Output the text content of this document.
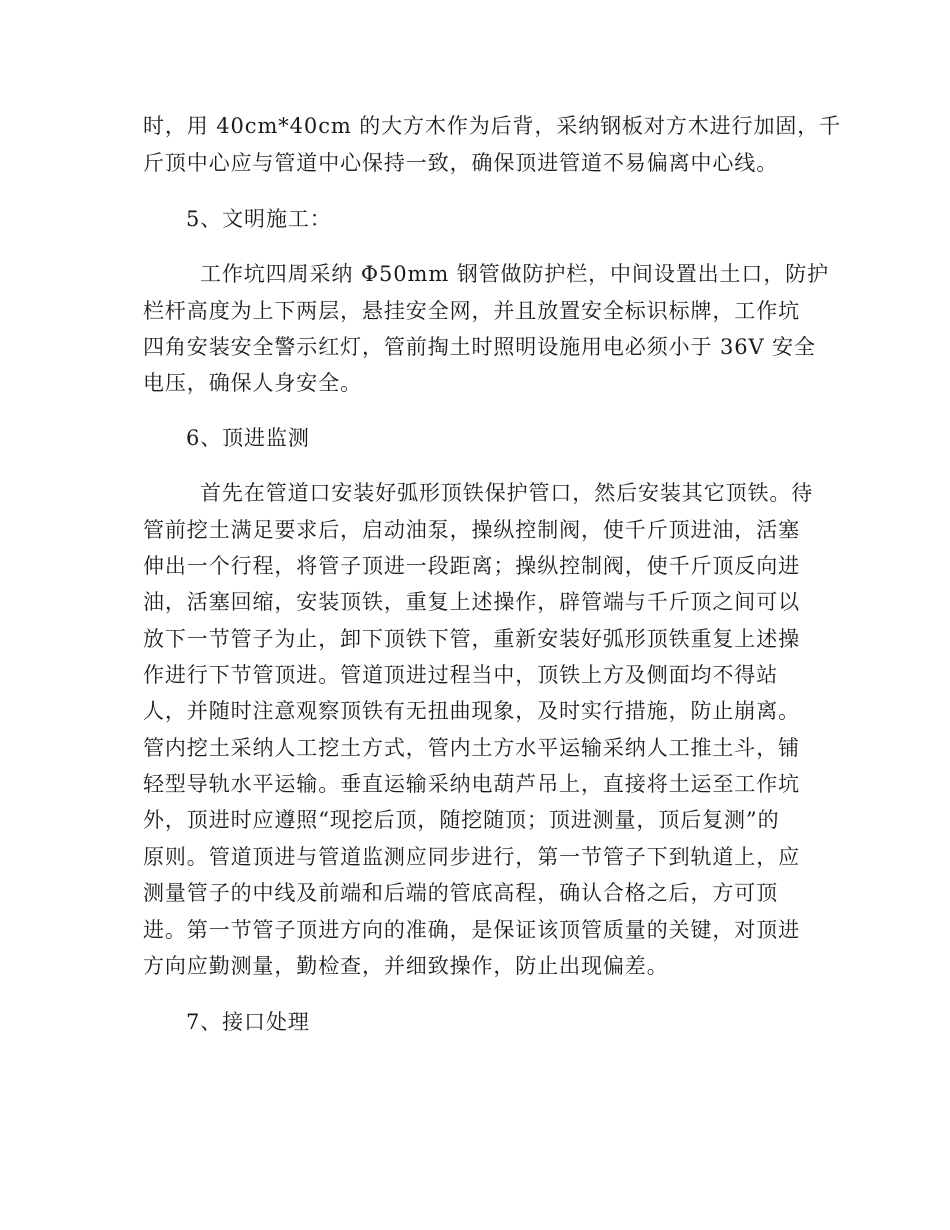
时，用 40cm*40cm 的大方木作为后背，采纳钢板对方木进行加固，千
斤顶中心应与管道中心保持一致，确保顶进管道不易偏离中心线。
5、文明施工：
工作坑四周采纳 Φ50mm 钢管做防护栏，中间设置出土口，防护
栏杆高度为上下两层，悬挂安全网，并且放置安全标识标牌，工作坑
四角安装安全警示红灯，管前掏土时照明设施用电必须小于 36V 安全
电压，确保人身安全。
6、顶进监测
首先在管道口安装好弧形顶铁保护管口，然后安装其它顶铁。待
管前挖土满足要求后，启动油泵，操纵控制阀，使千斤顶进油，活塞
伸出一个行程，将管子顶进一段距离；操纵控制阀，使千斤顶反向进
油，活塞回缩，安装顶铁，重复上述操作，辟管端与千斤顶之间可以
放下一节管子为止，卸下顶铁下管，重新安装好弧形顶铁重复上述操
作进行下节管顶进。管道顶进过程当中，顶铁上方及侧面均不得站
人，并随时注意观察顶铁有无扭曲现象，及时实行措施，防止崩离。
管内挖土采纳人工挖土方式，管内土方水平运输采纳人工推土斗，铺
轻型导轨水平运输。垂直运输采纳电葫芦吊上，直接将土运至工作坑
外，顶进时应遵照“现挖后顶，随挖随顶；顶进测量，顶后复测”的
原则。管道顶进与管道监测应同步进行，第一节管子下到轨道上，应
测量管子的中线及前端和后端的管底高程，确认合格之后，方可顶
进。第一节管子顶进方向的准确，是保证该顶管质量的关键，对顶进
方向应勤测量，勤检查，并细致操作，防止出现偏差。
7、接口处理
